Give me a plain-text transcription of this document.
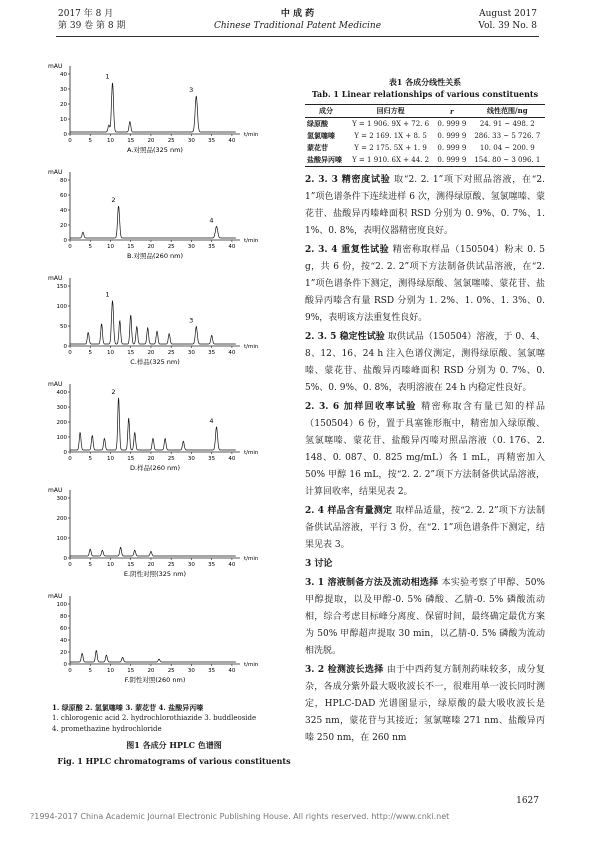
2017 年 8 月
第 39 卷 第 8 期
中 成 药
Chinese Traditional Patent Medicine
August 2017
Vol. 39 No. 8
mAU
40
30
20
10
0
0	5	10 15 20 25 30 35 40
t/min
1
3
A.对照品(325 nm)
mAU
80
60
40
20
0
0	5	10 15 20 25 30 35 40
t/min
2
4
B.对照品(260 nm)
mAU
150
100
50
0
0	5	10 15 20 25 30 35 40
t/min
1
3
C.样品(325 nm)
mAU
400
300
200
100
0
0	5	10 15 20 25 30 35 40
t/min
2
4
D.样品(260 nm)
mAU
300
200
100
0
0	5	10 15 20 25 30 35 40
t/min
E.阴性对照(325 nm)
mAU
100
80
60
40
20
0
0	5	10 15 20 25 30 35 40
t/min
F.阴性对照(260 nm)
1. 绿原酸 2. 氢氯噻嗪 3. 蒙花苷 4. 盐酸异丙嗪
1. chlorogenic acid 2. hydrochlorothiazide 3. buddleoside
4. promethazine hydrochloride
图1 各成分 HPLC 色谱图
Fig. 1 HPLC chromatograms of various constituents
表1 各成分线性关系
Tab. 1 Linear relationships of various constituents
成分	回归方程	r	线性范围/ng
绿原酸	Y = 1 906. 9X + 72. 6	0. 999 9	24. 91 ~ 498. 2
氢氯噻嗪	Y = 2 169. 1X + 8. 5	0. 999 9	286. 33 ~ 5 726. 7
蒙花苷	Y = 2 175. 5X + 1. 9	0. 999 9	10. 04 ~ 200. 9
盐酸异丙嗪	Y = 1 910. 6X + 44. 2	0. 999 9	154. 80 ~ 3 096. 1

2. 3. 3 精密度试验 取“2. 2. 1”项下对照品溶液，在“2. 1”项色谱条件下连续进样 6 次，测得绿原酸、氢氯噻嗪、蒙花苷、盐酸异丙嗪峰面积 RSD 分别为 0. 9%、0. 7%、1. 1%、0. 8%，表明仪器精密度良好。

2. 3. 4 重复性试验 精密称取样品（150504）粉末 0. 5 g，共 6 份，按“2. 2. 2”项下方法制备供试品溶液，在“2. 1”项色谱条件下测定，测得绿原酸、氢氯噻嗪、蒙花苷、盐酸异丙嗪含有量 RSD 分别为 1. 2%、1. 0%、1. 3%、0. 9%，表明该方法重复性良好。

2. 3. 5 稳定性试验 取供试品（150504）溶液，于 0、4、8、12、16、24 h 注入色谱仪测定，测得绿原酸、氢氯噻嗪、蒙花苷、盐酸异丙嗪峰面积 RSD 分别为 0. 7%、0. 5%、0. 9%、0. 8%，表明溶液在 24 h 内稳定性良好。

2. 3. 6 加样回收率试验 精密称取含有量已知的样品（150504）6 份，置于具塞锥形瓶中，精密加入绿原酸、氢氯噻嗪、蒙花苷、盐酸异丙嗪对照品溶液（0. 176、2. 148、0. 087、0. 825 mg/mL）各 1 mL，再精密加入 50% 甲醇 16 mL，按“2. 2. 2”项下方法制备供试品溶液，计算回收率，结果见表 2。

2. 4 样品含有量测定 取样品适量，按“2. 2. 2”项下方法制备供试品溶液，平行 3 份，在“2. 1”项色谱条件下测定，结果见表 3。

3 讨论

3. 1 溶液制备方法及流动相选择 本实验考察了甲醇、50% 甲醇提取，以及甲醇-0. 5% 磷酸、乙腈-0. 5% 磷酸流动相，综合考虑目标峰分离度、保留时间，最终确定最优方案为 50% 甲醇超声提取 30 min，以乙腈-0. 5% 磷酸为流动相洗脱。

3. 2 检测波长选择 由于中西药复方制剂药味较多，成分复杂，各成分紫外最大吸收波长不一，很难用单一波长同时测定，HPLC-DAD 光谱图显示，绿原酸的最大吸收波长是 325 nm，蒙花苷与其接近；氢氯噻嗪 271 nm、盐酸异丙嗪 250 nm，在 260 nm

1627
?1994-2017 China Academic Journal Electronic Publishing House. All rights reserved. http://www.cnki.net
